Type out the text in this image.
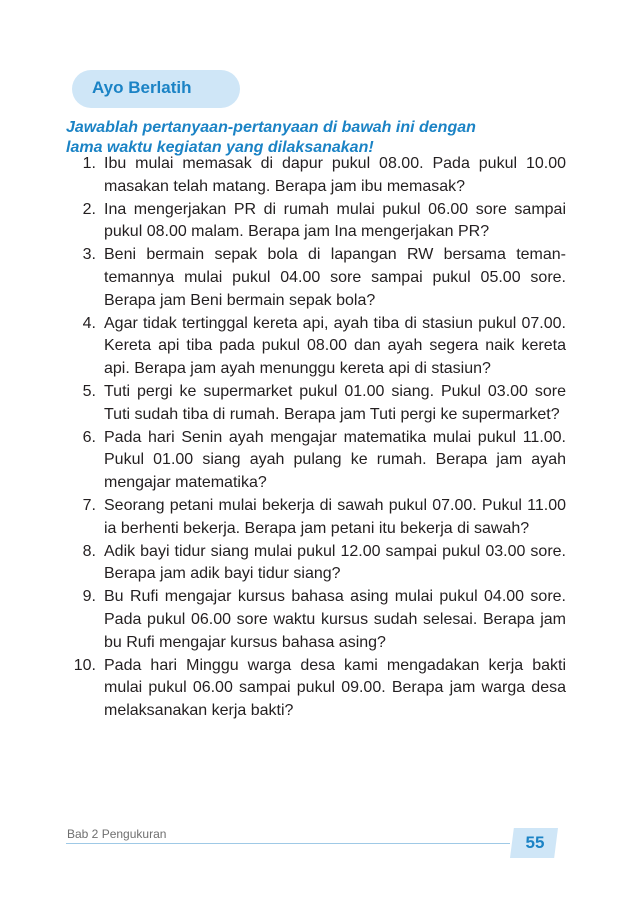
Ayo Berlatih
Jawablah pertanyaan-pertanyaan di bawah ini dengan
lama waktu kegiatan yang dilaksanakan!
1. Ibu mulai memasak di dapur pukul 08.00. Pada pukul 10.00 masakan telah matang. Berapa jam ibu memasak?
2. Ina mengerjakan PR di rumah mulai pukul 06.00 sore sampai pukul 08.00 malam. Berapa jam Ina mengerjakan PR?
3. Beni bermain sepak bola di lapangan RW bersama teman-temannya mulai pukul 04.00 sore sampai pukul 05.00 sore. Berapa jam Beni bermain sepak bola?
4. Agar tidak tertinggal kereta api, ayah tiba di stasiun pukul 07.00. Kereta api tiba pada pukul 08.00 dan ayah segera naik kereta api. Berapa jam ayah menunggu kereta api di stasiun?
5. Tuti pergi ke supermarket pukul 01.00 siang. Pukul 03.00 sore Tuti sudah tiba di rumah. Berapa jam Tuti pergi ke supermarket?
6. Pada hari Senin ayah mengajar matematika mulai pukul 11.00. Pukul 01.00 siang ayah pulang ke rumah. Berapa jam ayah mengajar matematika?
7. Seorang petani mulai bekerja di sawah pukul 07.00. Pukul 11.00 ia berhenti bekerja. Berapa jam petani itu bekerja di sawah?
8. Adik bayi tidur siang mulai pukul 12.00 sampai pukul 03.00 sore. Berapa jam adik bayi tidur siang?
9. Bu Rufi mengajar kursus bahasa asing mulai pukul 04.00 sore. Pada pukul 06.00 sore waktu kursus sudah selesai. Berapa jam bu Rufi mengajar kursus bahasa asing?
10. Pada hari Minggu warga desa kami mengadakan kerja bakti mulai pukul 06.00 sampai pukul 09.00. Berapa jam warga desa melaksanakan kerja bakti?
Bab 2 Pengukuran	55
